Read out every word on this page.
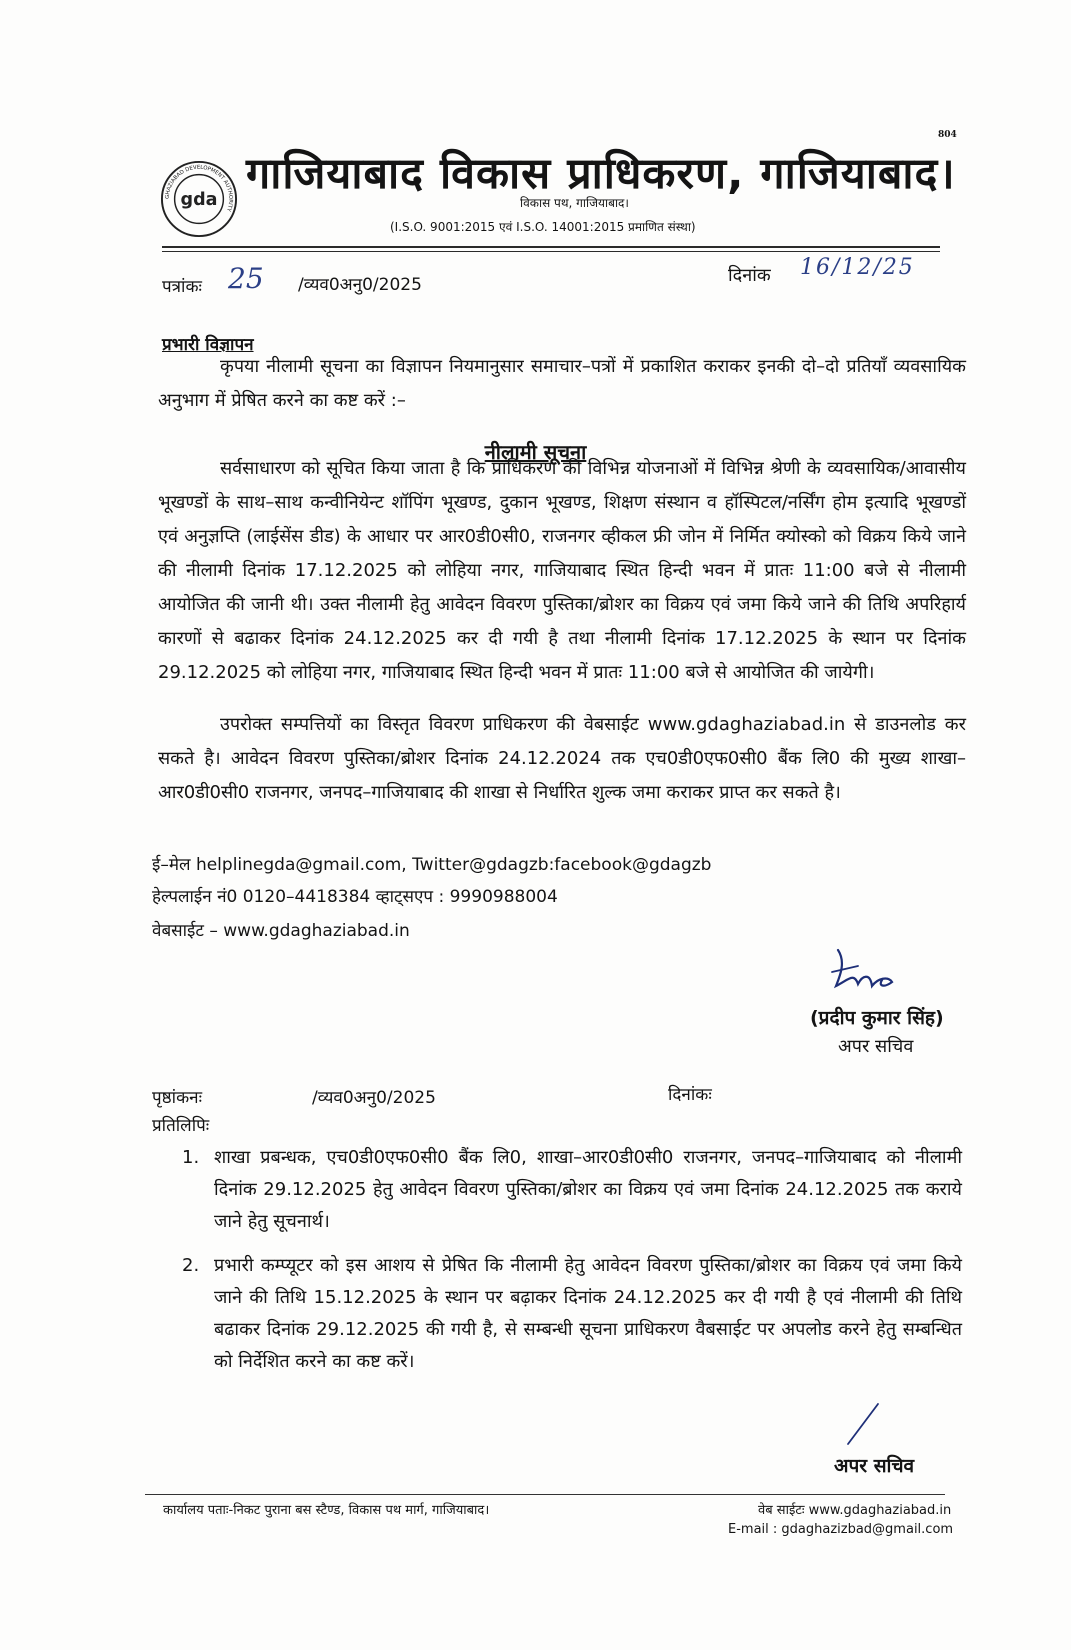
804
GHAZIABAD DEVELOPMENT AUTHORITY
gda
गाजियाबाद विकास प्राधिकरण, गाजियाबाद।
विकास पथ, गाजियाबाद।
(I.S.O. 9001:2015 एवं I.S.O. 14001:2015 प्रमाणित संस्था)
पत्रांकः 25 /व्यव0अनु0/2025	दिनांक 16/12/25
प्रभारी विज्ञापन
कृपया नीलामी सूचना का विज्ञापन नियमानुसार समाचार–पत्रों में प्रकाशित कराकर इनकी दो–दो प्रतियाँ व्यवसायिक अनुभाग में प्रेषित करने का कष्ट करें :–
नीलामी सूचना
सर्वसाधारण को सूचित किया जाता है कि प्राधिकरण की विभिन्न योजनाओं में विभिन्न श्रेणी के व्यवसायिक/आवासीय भूखण्डों के साथ–साथ कन्वीनियेन्ट शॉपिंग भूखण्ड, दुकान भूखण्ड, शिक्षण संस्थान व हॉस्पिटल/नर्सिंग होम इत्यादि भूखण्डों एवं अनुज्ञप्ति (लाईसेंस डीड) के आधार पर आर0डी0सी0, राजनगर व्हीकल फ्री जोन में निर्मित क्योस्को को विक्रय किये जाने की नीलामी दिनांक 17.12.2025 को लोहिया नगर, गाजियाबाद स्थित हिन्दी भवन में प्रातः 11:00 बजे से नीलामी आयोजित की जानी थी। उक्त नीलामी हेतु आवेदन विवरण पुस्तिका/ब्रोशर का विक्रय एवं जमा किये जाने की तिथि अपरिहार्य कारणों से बढाकर दिनांक 24.12.2025 कर दी गयी है तथा नीलामी दिनांक 17.12.2025 के स्थान पर दिनांक 29.12.2025 को लोहिया नगर, गाजियाबाद स्थित हिन्दी भवन में प्रातः 11:00 बजे से आयोजित की जायेगी।
उपरोक्त सम्पत्तियों का विस्तृत विवरण प्राधिकरण की वेबसाईट www.gdaghaziabad.in से डाउनलोड कर सकते है। आवेदन विवरण पुस्तिका/ब्रोशर दिनांक 24.12.2024 तक एच0डी0एफ0सी0 बैंक लि0 की मुख्य शाखा–आर0डी0सी0 राजनगर, जनपद–गाजियाबाद की शाखा से निर्धारित शुल्क जमा कराकर प्राप्त कर सकते है।
ई–मेल helplinegda@gmail.com, Twitter@gdagzb:facebook@gdagzb
हेल्पलाईन नं0 0120–4418384 व्हाट्सएप : 9990988004
वेबसाईट – www.gdaghaziabad.in
(प्रदीप कुमार सिंह)
अपर सचिव
पृष्ठांकनः	/व्यव0अनु0/2025	दिनांकः
प्रतिलिपिः
1. शाखा प्रबन्धक, एच0डी0एफ0सी0 बैंक लि0, शाखा–आर0डी0सी0 राजनगर, जनपद–गाजियाबाद को नीलामी दिनांक 29.12.2025 हेतु आवेदन विवरण पुस्तिका/ब्रोशर का विक्रय एवं जमा दिनांक 24.12.2025 तक कराये जाने हेतु सूचनार्थ।
2. प्रभारी कम्प्यूटर को इस आशय से प्रेषित कि नीलामी हेतु आवेदन विवरण पुस्तिका/ब्रोशर का विक्रय एवं जमा किये जाने की तिथि 15.12.2025 के स्थान पर बढ़ाकर दिनांक 24.12.2025 कर दी गयी है एवं नीलामी की तिथि बढाकर दिनांक 29.12.2025 की गयी है, से सम्बन्धी सूचना प्राधिकरण वैबसाईट पर अपलोड करने हेतु सम्बन्धित को निर्देशित करने का कष्ट करें।
अपर सचिव
कार्यालय पताः-निकट पुराना बस स्टैण्ड, विकास पथ मार्ग, गाजियाबाद।	वेब साईटः www.gdaghaziabad.in
E-mail : gdaghazizbad@gmail.com
